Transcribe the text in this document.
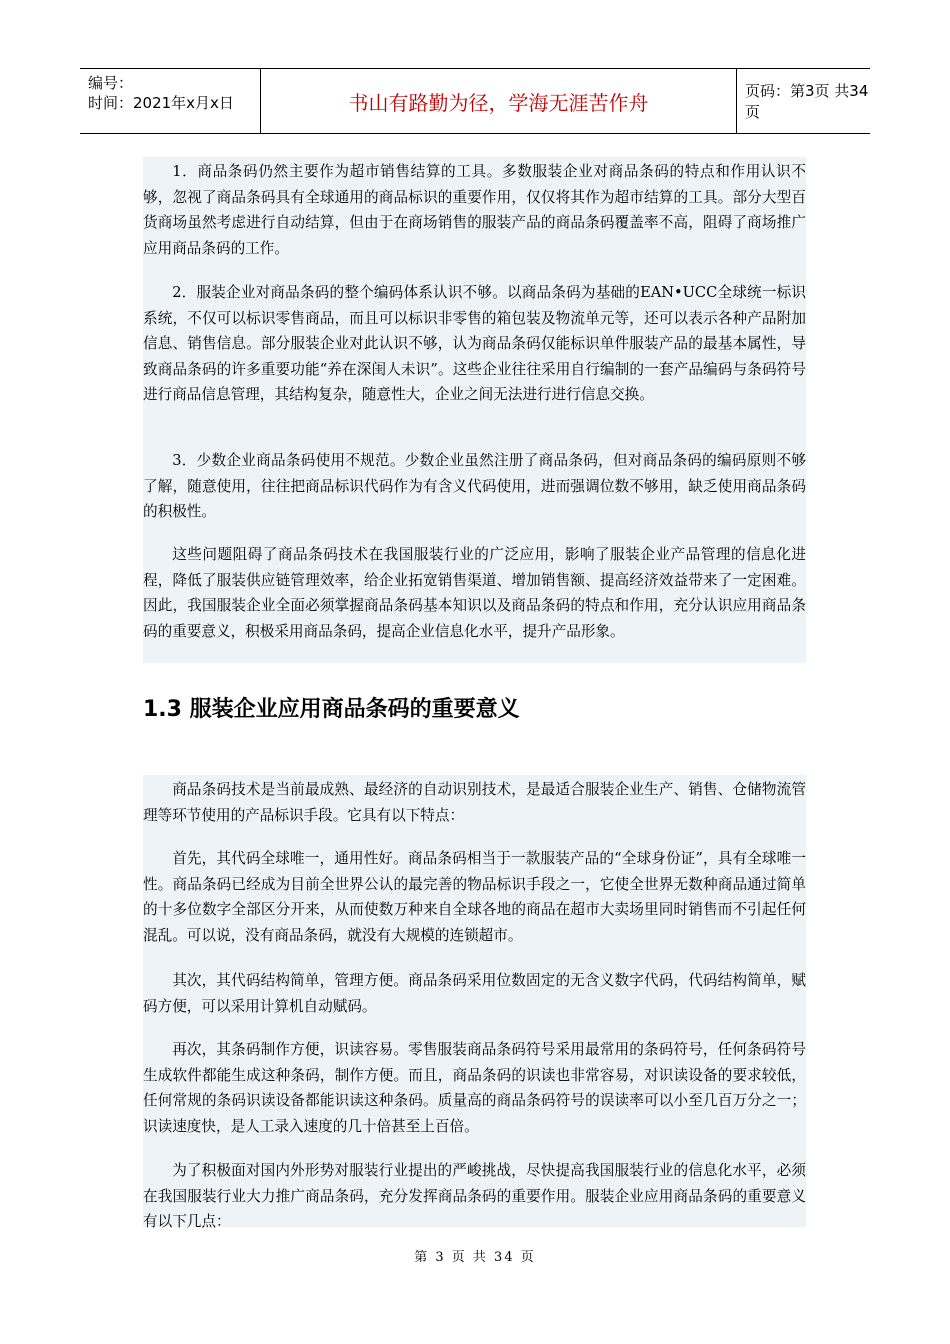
编号：
时间：2021年x月x日	书山有路勤为径，学海无涯苦作舟	页码：第3页 共34页

1．商品条码仍然主要作为超市销售结算的工具。多数服装企业对商品条码的特点和作用认识不够，忽视了商品条码具有全球通用的商品标识的重要作用，仅仅将其作为超市结算的工具。部分大型百货商场虽然考虑进行自动结算，但由于在商场销售的服装产品的商品条码覆盖率不高，阻碍了商场推广应用商品条码的工作。

2．服装企业对商品条码的整个编码体系认识不够。以商品条码为基础的EAN•UCC全球统一标识系统，不仅可以标识零售商品，而且可以标识非零售的箱包装及物流单元等，还可以表示各种产品附加信息、销售信息。部分服装企业对此认识不够，认为商品条码仅能标识单件服装产品的最基本属性，导致商品条码的许多重要功能“养在深闺人未识”。这些企业往往采用自行编制的一套产品编码与条码符号进行商品信息管理，其结构复杂，随意性大，企业之间无法进行进行信息交换。

3．少数企业商品条码使用不规范。少数企业虽然注册了商品条码，但对商品条码的编码原则不够了解，随意使用，往往把商品标识代码作为有含义代码使用，进而强调位数不够用，缺乏使用商品条码的积极性。

这些问题阻碍了商品条码技术在我国服装行业的广泛应用，影响了服装企业产品管理的信息化进程，降低了服装供应链管理效率，给企业拓宽销售渠道、增加销售额、提高经济效益带来了一定困难。因此，我国服装企业全面必须掌握商品条码基本知识以及商品条码的特点和作用，充分认识应用商品条码的重要意义，积极采用商品条码，提高企业信息化水平，提升产品形象。

1.3 服装企业应用商品条码的重要意义

商品条码技术是当前最成熟、最经济的自动识别技术，是最适合服装企业生产、销售、仓储物流管理等环节使用的产品标识手段。它具有以下特点：

首先，其代码全球唯一，通用性好。商品条码相当于一款服装产品的“全球身份证”，具有全球唯一性。商品条码已经成为目前全世界公认的最完善的物品标识手段之一，它使全世界无数种商品通过简单的十多位数字全部区分开来，从而使数万种来自全球各地的商品在超市大卖场里同时销售而不引起任何混乱。可以说，没有商品条码，就没有大规模的连锁超市。

其次，其代码结构简单，管理方便。商品条码采用位数固定的无含义数字代码，代码结构简单，赋码方便，可以采用计算机自动赋码。

再次，其条码制作方便，识读容易。零售服装商品条码符号采用最常用的条码符号，任何条码符号生成软件都能生成这种条码，制作方便。而且，商品条码的识读也非常容易，对识读设备的要求较低，任何常规的条码识读设备都能识读这种条码。质量高的商品条码符号的误读率可以小至几百万分之一；识读速度快，是人工录入速度的几十倍甚至上百倍。

为了积极面对国内外形势对服装行业提出的严峻挑战，尽快提高我国服装行业的信息化水平，必须在我国服装行业大力推广商品条码，充分发挥商品条码的重要作用。服装企业应用商品条码的重要意义有以下几点：

第 3 页 共 34 页
